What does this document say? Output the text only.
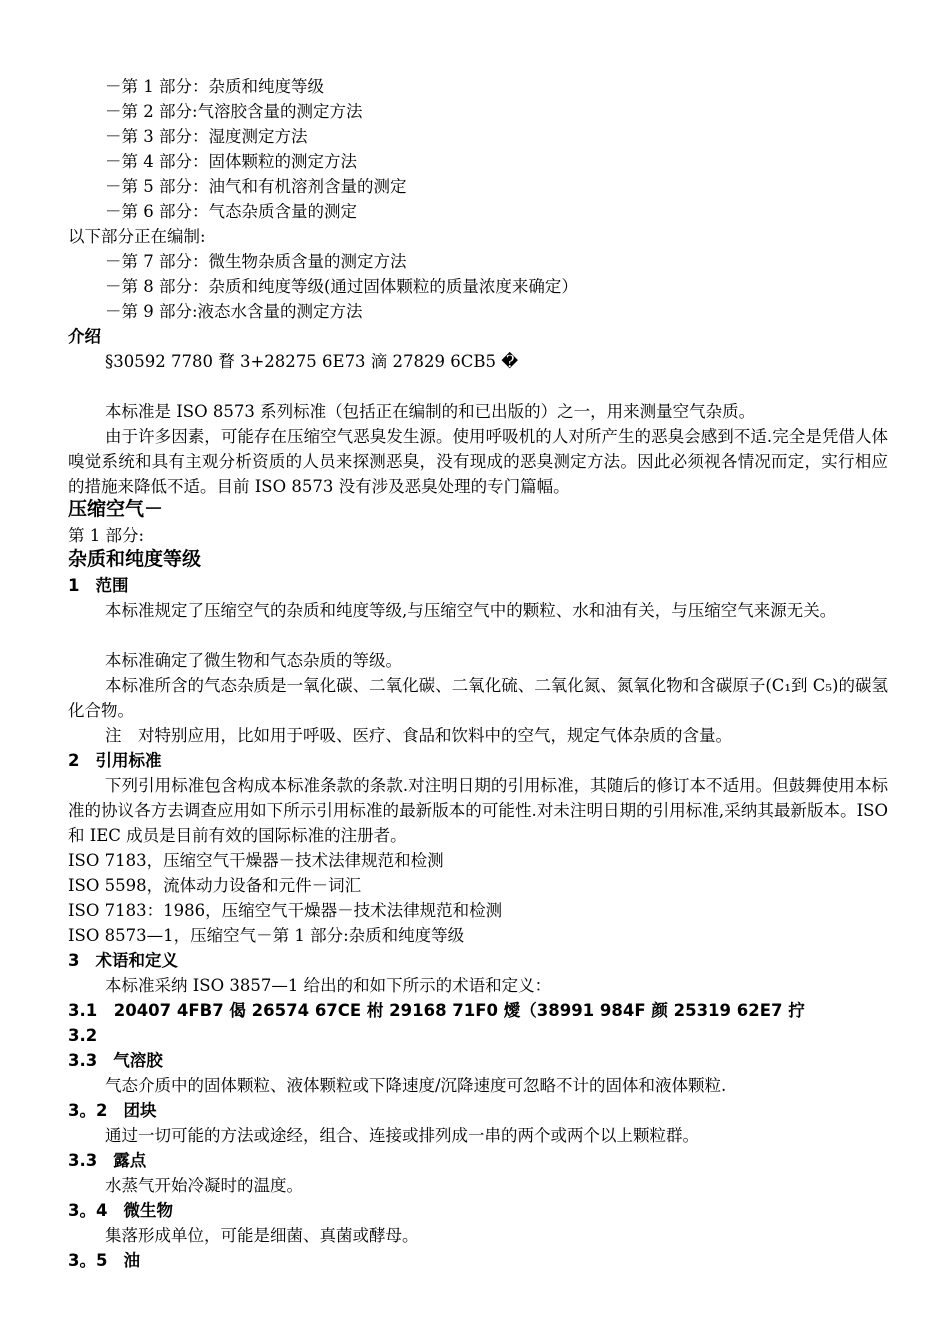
－第 1 部分：杂质和纯度等级
－第 2 部分:气溶胶含量的测定方法
－第 3 部分：湿度测定方法
－第 4 部分：固体颗粒的测定方法
－第 5 部分：油气和有机溶剂含量的测定
－第 6 部分：气态杂质含量的测定
以下部分正在编制:
－第 7 部分：微生物杂质含量的测定方法
－第 8 部分：杂质和纯度等级(通过固体颗粒的质量浓度来确定）
－第 9 部分:液态水含量的测定方法
介绍
§30592 7780 瞀 3+28275 6E73 滴 27829 6CB5 �
本标准是 ISO 8573 系列标准（包括正在编制的和已出版的）之一，用来测量空气杂质。
由于许多因素，可能存在压缩空气恶臭发生源。使用呼吸机的人对所产生的恶臭会感到不适.完全是凭借人体嗅觉系统和具有主观分析资质的人员来探测恶臭，没有现成的恶臭测定方法。因此必须视各情况而定，实行相应的措施来降低不适。目前 ISO 8573 没有涉及恶臭处理的专门篇幅。
压缩空气－
第 1 部分:
杂质和纯度等级
1 范围
本标准规定了压缩空气的杂质和纯度等级,与压缩空气中的颗粒、水和油有关，与压缩空气来源无关。
本标准确定了微生物和气态杂质的等级。
本标准所含的气态杂质是一氧化碳、二氧化碳、二氧化硫、二氧化氮、氮氧化物和含碳原子(C₁到 C₅)的碳氢化合物。
注　对特别应用，比如用于呼吸、医疗、食品和饮料中的空气，规定气体杂质的含量。
2 引用标准
下列引用标准包含构成本标准条款的条款.对注明日期的引用标准，其随后的修订本不适用。但鼓舞使用本标准的协议各方去调查应用如下所示引用标准的最新版本的可能性.对未注明日期的引用标准,采纳其最新版本。ISO 和 IEC 成员是目前有效的国际标准的注册者。
ISO 7183，压缩空气干燥器－技术法律规范和检测
ISO 5598，流体动力设备和元件－词汇
ISO 7183：1986，压缩空气干燥器－技术法律规范和检测
ISO 8573—1，压缩空气－第 1 部分:杂质和纯度等级
3 术语和定义
本标准采纳 ISO 3857—1 给出的和如下所示的术语和定义：
3.1　20407 4FB7 偈 26574 67CE 柎 29168 71F0 燰（38991 984F 颜 25319 62E7 拧
3.2
3.3 气溶胶
气态介质中的固体颗粒、液体颗粒或下降速度/沉降速度可忽略不计的固体和液体颗粒.
3。2 团块
通过一切可能的方法或途经，组合、连接或排列成一串的两个或两个以上颗粒群。
3.3 露点
水蒸气开始冷凝时的温度。
3。4 微生物
集落形成单位，可能是细菌、真菌或酵母。
3。5 油
